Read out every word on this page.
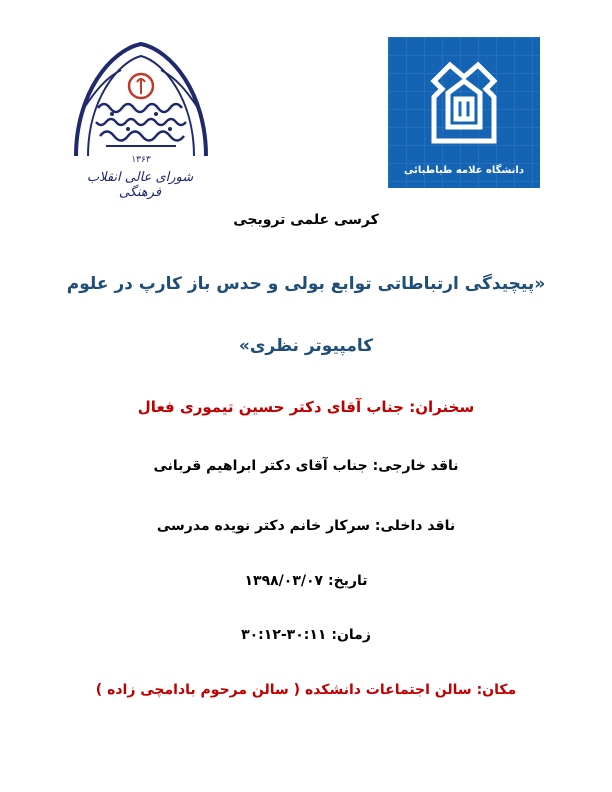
۱۳۶۳
شورای عالی انقلاب فرهنگی
دانشگاه علامه طباطبائی
کرسی علمی ترویجی
«پیچیدگی ارتباطاتی توابع بولی و حدس باز کارپ در علوم
کامپیوتر نظری»
سخنران: جناب آقای دکتر حسین تیموری فعال
ناقد خارجی: جناب آقای دکتر ابراهیم قربانی
ناقد داخلی: سرکار خانم دکتر نویده مدرسی
تاریخ: ۱۳۹۸/۰۳/۰۷
زمان: ۳۰:۱۲-۳۰:۱۱
مکان: سالن اجتماعات دانشکده ( سالن مرحوم بادامچی زاده )
